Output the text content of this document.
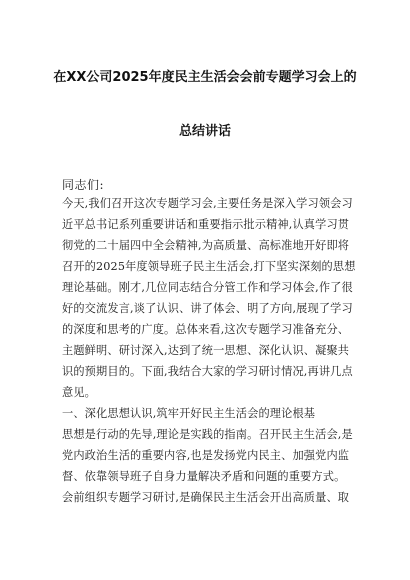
在XX公司2025年度民主生活会会前专题学习会上的
总结讲话
同志们:
今天,我们召开这次专题学习会,主要任务是深入学习领会习
近平总书记系列重要讲话和重要指示批示精神,认真学习贯
彻党的二十届四中全会精神,为高质量、高标准地开好即将
召开的2025年度领导班子民主生活会,打下坚实深刻的思想
理论基础。刚才,几位同志结合分管工作和学习体会,作了很
好的交流发言,谈了认识、讲了体会、明了方向,展现了学习
的深度和思考的广度。总体来看,这次专题学习准备充分、
主题鲜明、研讨深入,达到了统一思想、深化认识、凝聚共
识的预期目的。下面,我结合大家的学习研讨情况,再讲几点
意见。
一、深化思想认识,筑牢开好民主生活会的理论根基
思想是行动的先导,理论是实践的指南。召开民主生活会,是
党内政治生活的重要内容,也是发扬党内民主、加强党内监
督、依靠领导班子自身力量解决矛盾和问题的重要方式。
会前组织专题学习研讨,是确保民主生活会开出高质量、取
